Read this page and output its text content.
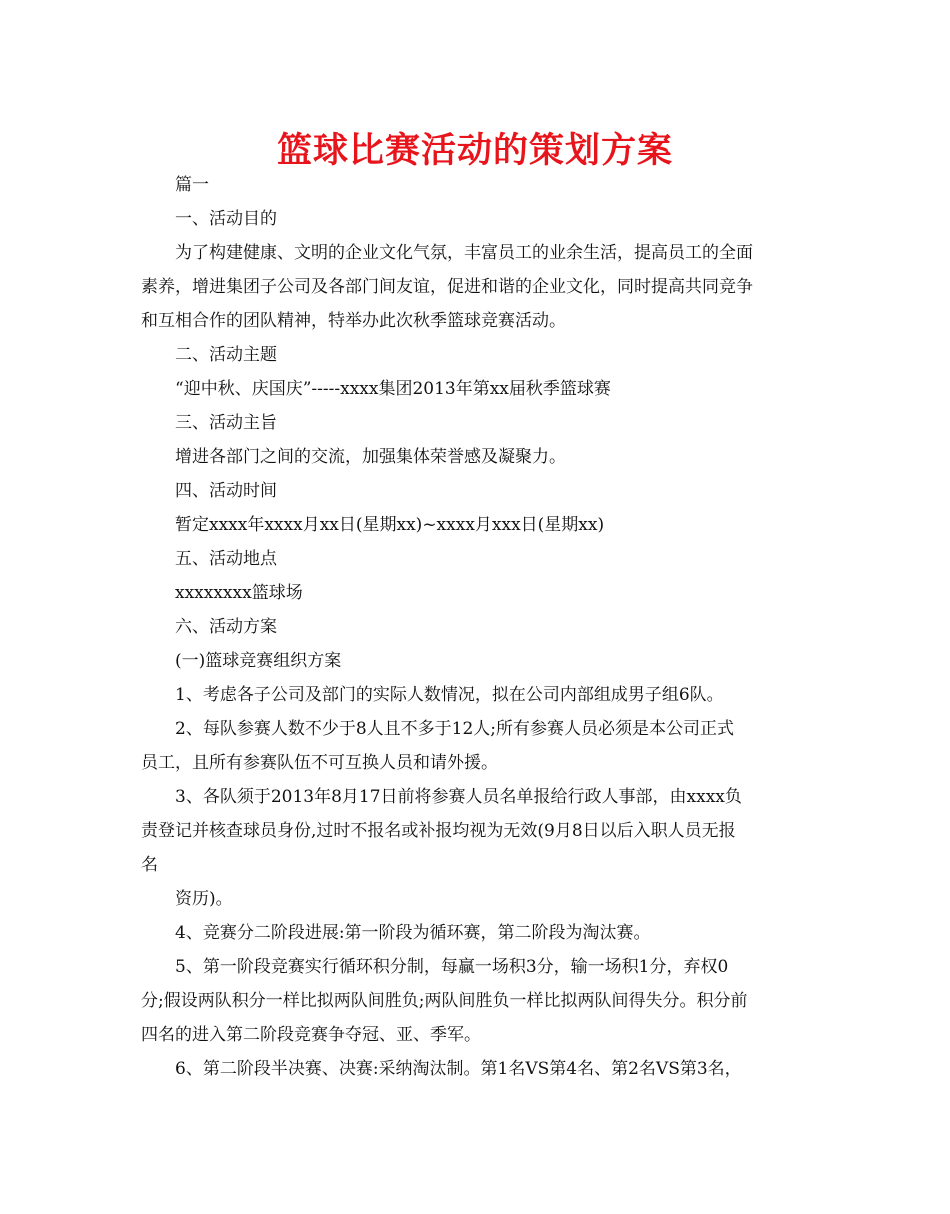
篮球比赛活动的策划方案

篇一

一、活动目的

为了构建健康、文明的企业文化气氛，丰富员工的业余生活，提高员工的全面

素养，增进集团子公司及各部门间友谊，促进和谐的企业文化，同时提高共同竞争

和互相合作的团队精神，特举办此次秋季篮球竞赛活动。

二、活动主题

“迎中秋、庆国庆”-----xxxx集团2013年第xx届秋季篮球赛

三、活动主旨

增进各部门之间的交流，加强集体荣誉感及凝聚力。

四、活动时间

暂定xxxx年xxxx月xx日(星期xx)~xxxx月xxx日(星期xx)

五、活动地点

xxxxxxxx篮球场

六、活动方案

(一)篮球竞赛组织方案

1、考虑各子公司及部门的实际人数情况，拟在公司内部组成男子组6队。

2、每队参赛人数不少于8人且不多于12人;所有参赛人员必须是本公司正式

员工，且所有参赛队伍不可互换人员和请外援。

3、各队须于2013年8月17日前将参赛人员名单报给行政人事部，由xxxx负

责登记并核查球员身份,过时不报名或补报均视为无效(9月8日以后入职人员无报

名

资历)。

4、竞赛分二阶段进展:第一阶段为循环赛，第二阶段为淘汰赛。

5、第一阶段竞赛实行循环积分制，每赢一场积3分，输一场积1分，弃权0

分;假设两队积分一样比拟两队间胜负;两队间胜负一样比拟两队间得失分。积分前

四名的进入第二阶段竞赛争夺冠、亚、季军。

6、第二阶段半决赛、决赛:采纳淘汰制。第1名VS第4名、第2名VS第3名，
